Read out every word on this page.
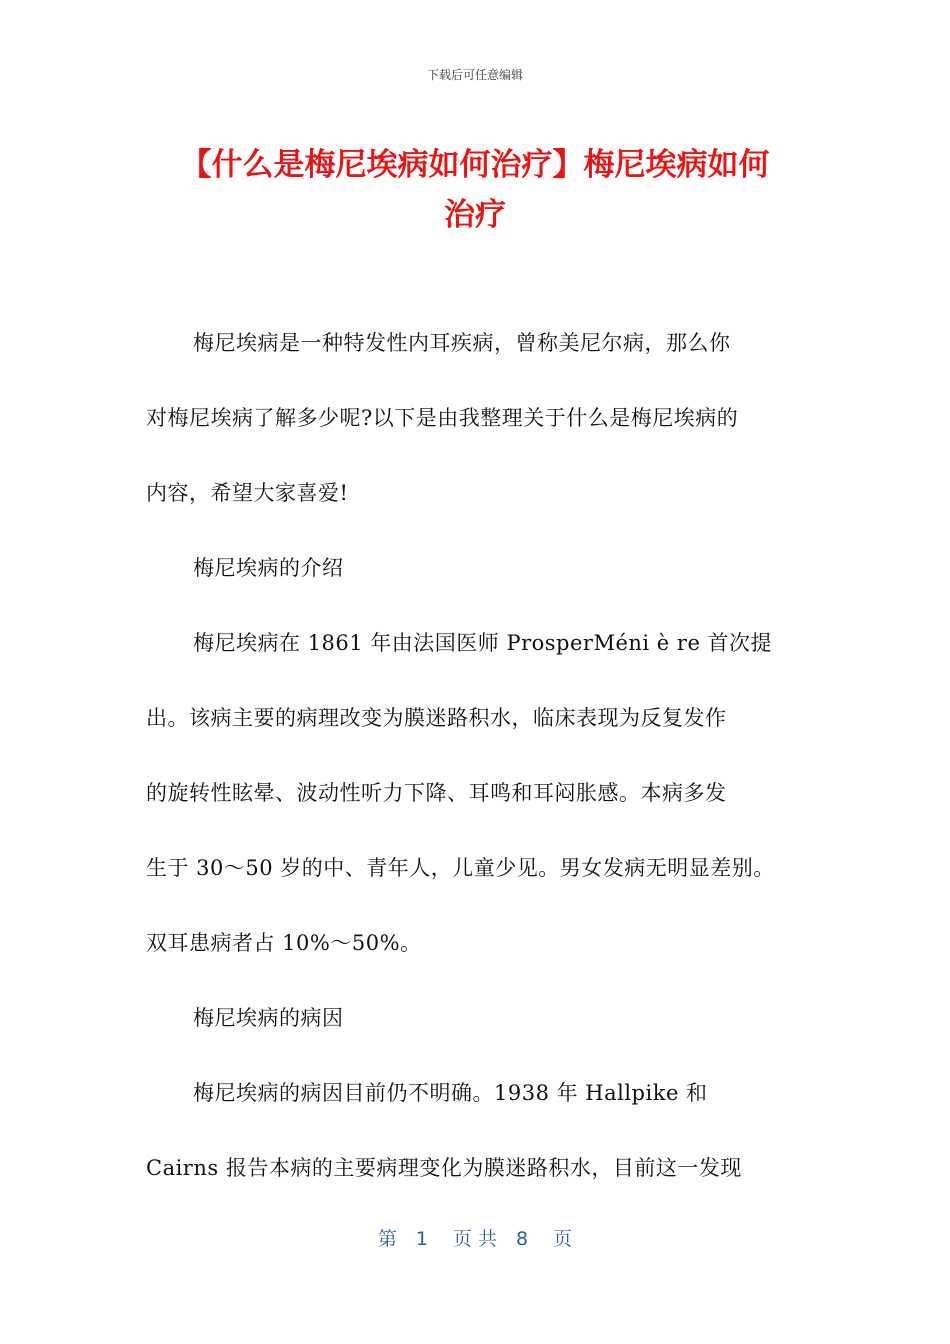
下载后可任意编辑
【什么是梅尼埃病如何治疗】梅尼埃病如何
治疗
梅尼埃病是一种特发性内耳疾病，曾称美尼尔病，那么你
对梅尼埃病了解多少呢?以下是由我整理关于什么是梅尼埃病的
内容，希望大家喜爱!
梅尼埃病的介绍
梅尼埃病在 1861 年由法国医师 ProsperMéni è re 首次提
出。该病主要的病理改变为膜迷路积水，临床表现为反复发作
的旋转性眩晕、波动性听力下降、耳鸣和耳闷胀感。本病多发
生于 30～50 岁的中、青年人，儿童少见。男女发病无明显差别。
双耳患病者占 10%～50%。
梅尼埃病的病因
梅尼埃病的病因目前仍不明确。1938 年 Hallpike 和
Cairns 报告本病的主要病理变化为膜迷路积水，目前这一发现
第　1　 页 共　8　 页
